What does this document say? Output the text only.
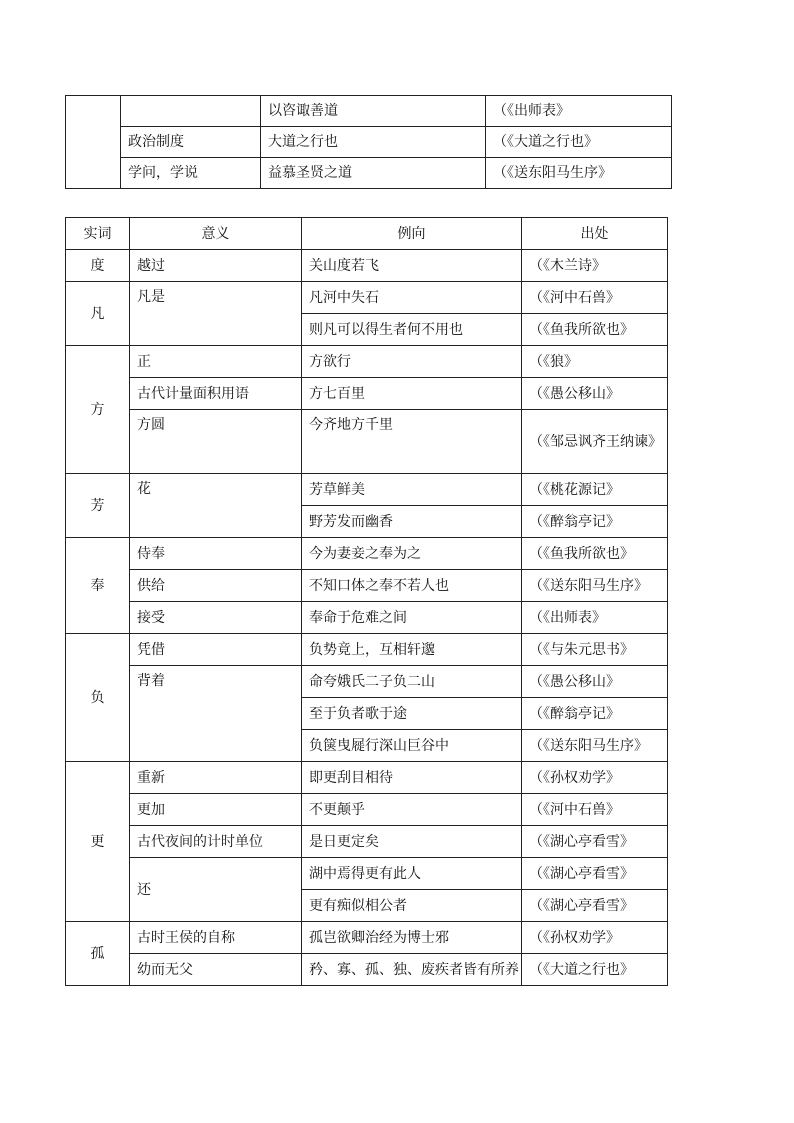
		以咨诹善道	（《出师表》
	政治制度	大道之行也	（《大道之行也》
	学问，学说	益慕圣贤之道	（《送东阳马生序》
实词	意义	例向	出处
度	越过	关山度若飞	（《木兰诗》
凡	凡是	凡河中失石	（《河中石兽》
		则凡可以得生者何不用也	（《鱼我所欲也》
方	正	方欲行	（《狼》
	古代计量面积用语	方七百里	（《愚公移山》
	方圆	今齐地方千里	（《邹忌讽齐王纳谏》
芳	花	芳草鲜美	（《桃花源记》
		野芳发而幽香	（《醉翁亭记》
奉	侍奉	今为妻妾之奉为之	（《鱼我所欲也》
	供给	不知口体之奉不若人也	（《送东阳马生序》
	接受	奉命于危难之间	（《出师表》
负	凭借	负势竟上，互相轩邈	（《与朱元思书》
	背着	命夸娥氏二子负二山	（《愚公移山》
		至于负者歌于途	（《醉翁亭记》
		负箧曳屣行深山巨谷中	（《送东阳马生序》
更	重新	即更刮目相待	（《孙权劝学》
	更加	不更颠乎	（《河中石兽》
	古代夜间的计时单位	是日更定矣	（《湖心亭看雪》
	还	湖中焉得更有此人	（《湖心亭看雪》
		更有痴似相公者	（《湖心亭看雪》
孤	古时王侯的自称	孤岂欲卿治经为博士邪	（《孙权劝学》
	幼而无父	矜、寡、孤、独、废疾者皆有所养	（《大道之行也》
